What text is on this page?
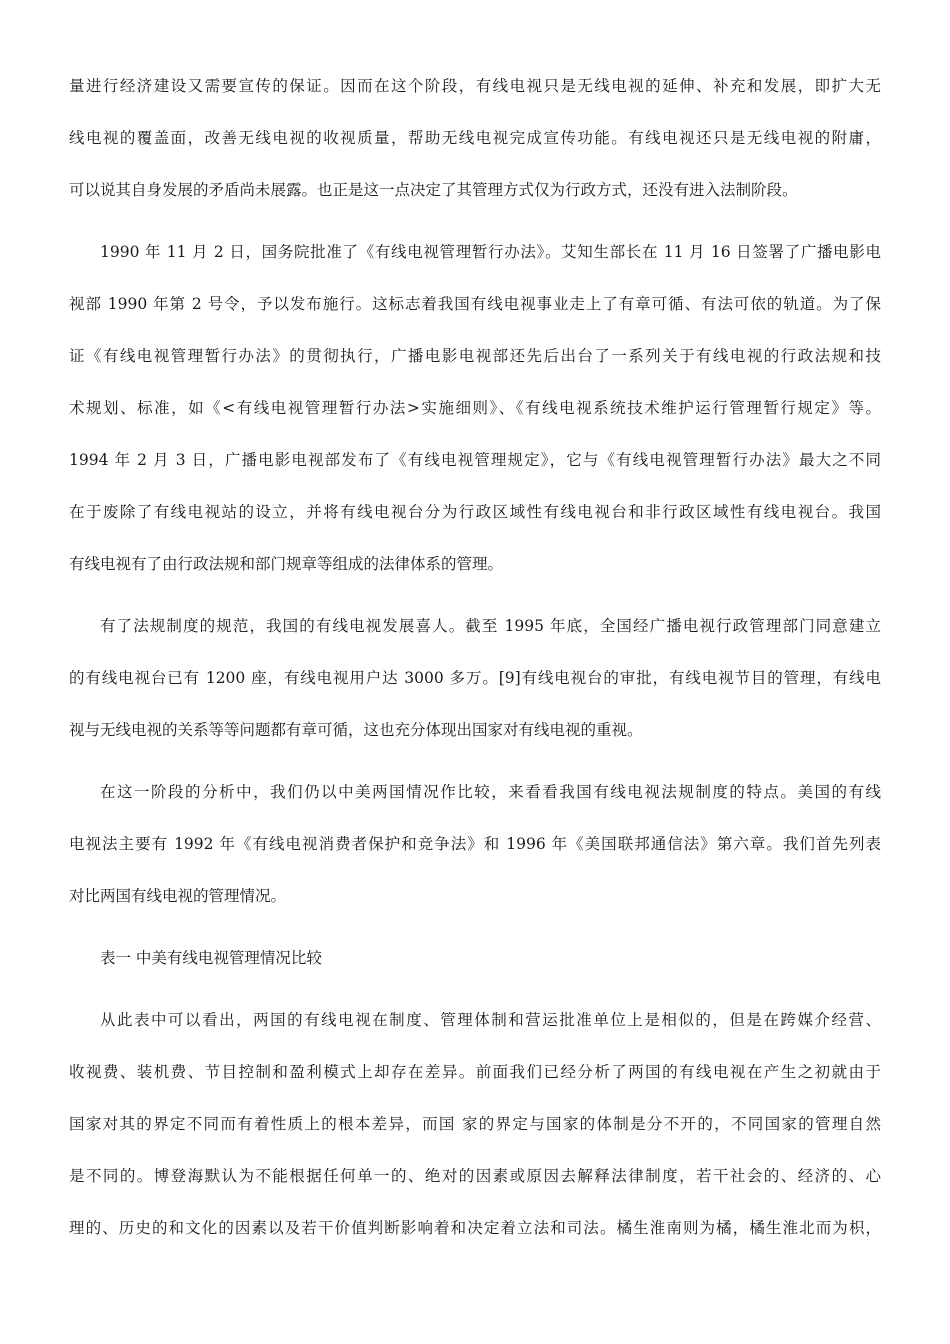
量进行经济建设又需要宣传的保证。因而在这个阶段，有线电视只是无线电视的延伸、补充和发展，即扩大无
线电视的覆盖面，改善无线电视的收视质量，帮助无线电视完成宣传功能。有线电视还只是无线电视的附庸，
可以说其自身发展的矛盾尚未展露。也正是这一点决定了其管理方式仅为行政方式，还没有进入法制阶段。
1990 年 11 月 2 日，国务院批准了《有线电视管理暂行办法》。艾知生部长在 11 月 16 日签署了广播电影电
视部 1990 年第 2 号令，予以发布施行。这标志着我国有线电视事业走上了有章可循、有法可依的轨道。为了保
证《有线电视管理暂行办法》的贯彻执行，广播电影电视部还先后出台了一系列关于有线电视的行政法规和技
术规划、标准，如《<有线电视管理暂行办法>实施细则》、《有线电视系统技术维护运行管理暂行规定》等。
1994 年 2 月 3 日，广播电影电视部发布了《有线电视管理规定》，它与《有线电视管理暂行办法》最大之不同
在于废除了有线电视站的设立，并将有线电视台分为行政区域性有线电视台和非行政区域性有线电视台。我国
有线电视有了由行政法规和部门规章等组成的法律体系的管理。
有了法规制度的规范，我国的有线电视发展喜人。截至 1995 年底，全国经广播电视行政管理部门同意建立
的有线电视台已有 1200 座，有线电视用户达 3000 多万。[9]有线电视台的审批，有线电视节目的管理，有线电
视与无线电视的关系等等问题都有章可循，这也充分体现出国家对有线电视的重视。
在这一阶段的分析中，我们仍以中美两国情况作比较，来看看我国有线电视法规制度的特点。美国的有线
电视法主要有 1992 年《有线电视消费者保护和竞争法》和 1996 年《美国联邦通信法》第六章。我们首先列表
对比两国有线电视的管理情况。
表一 中美有线电视管理情况比较
从此表中可以看出，两国的有线电视在制度、管理体制和营运批准单位上是相似的，但是在跨媒介经营、
收视费、装机费、节目控制和盈利模式上却存在差异。前面我们已经分析了两国的有线电视在产生之初就由于
国家对其的界定不同而有着性质上的根本差异，而国 家的界定与国家的体制是分不开的，不同国家的管理自然
是不同的。博登海默认为不能根据任何单一的、绝对的因素或原因去解释法律制度，若干社会的、经济的、心
理的、历史的和文化的因素以及若干价值判断影响着和决定着立法和司法。橘生淮南则为橘，橘生淮北而为枳，
